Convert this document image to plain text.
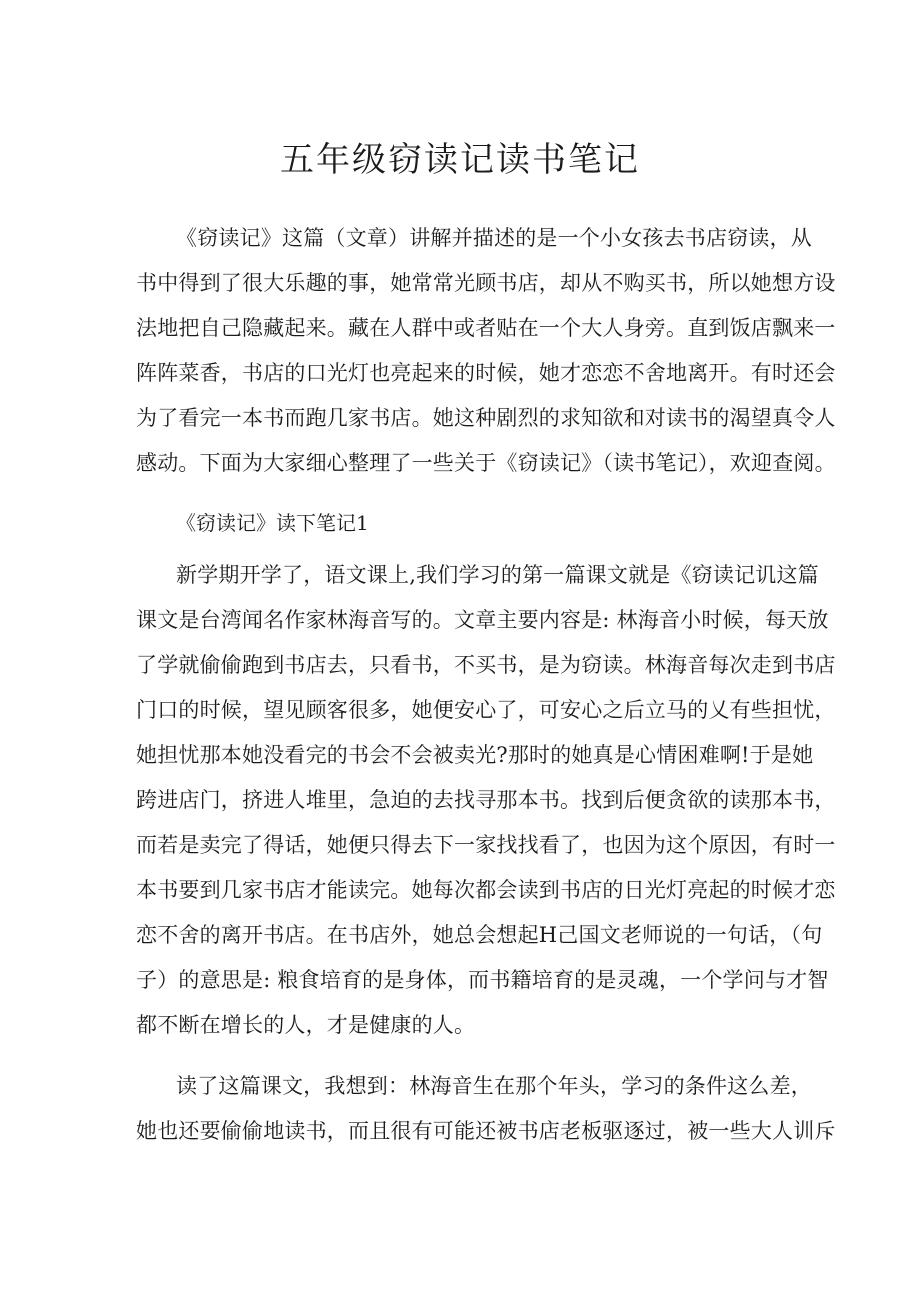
五年级窃读记读书笔记

《窃读记》这篇（文章）讲解并描述的是一个小女孩去书店窃读，从

书中得到了很大乐趣的事，她常常光顾书店，却从不购买书，所以她想方设

法地把自己隐藏起来。藏在人群中或者贴在一个大人身旁。直到饭店飘来一

阵阵菜香，书店的口光灯也亮起来的时候，她才恋恋不舍地离开。有时还会

为了看完一本书而跑几家书店。她这种剧烈的求知欲和对读书的渴望真令人

感动。下面为大家细心整理了一些关于《窃读记》（读书笔记），欢迎查阅。

《窃读记》读下笔记1

新学期开学了，语文课上,我们学习的第一篇课文就是《窃读记讥这篇

课文是台湾闻名作家林海音写的。文章主要内容是: 林海音小时候，每天放

了学就偷偷跑到书店去，只看书，不买书，是为窃读。林海音每次走到书店

门口的时候，望见顾客很多，她便安心了，可安心之后立马的乂有些担忧，

她担忧那本她没看完的书会不会被卖光?那时的她真是心情困难啊!于是她

跨进店门，挤进人堆里，急迫的去找寻那本书。找到后便贪欲的读那本书，

而若是卖完了得话，她便只得去下一家找找看了，也因为这个原因，有时一

本书要到几家书店才能读完。她每次都会读到书店的日光灯亮起的时候才恋

恋不舍的离开书店。在书店外，她总会想起H己国文老师说的一句话，（句

子）的意思是: 粮食培育的是身体，而书籍培育的是灵魂，一个学问与才智

都不断在增长的人，才是健康的人。

读了这篇课文，我想到：林海音生在那个年头，学习的条件这么差，

她也还要偷偷地读书，而且很有可能还被书店老板驱逐过，被一些大人训斥
